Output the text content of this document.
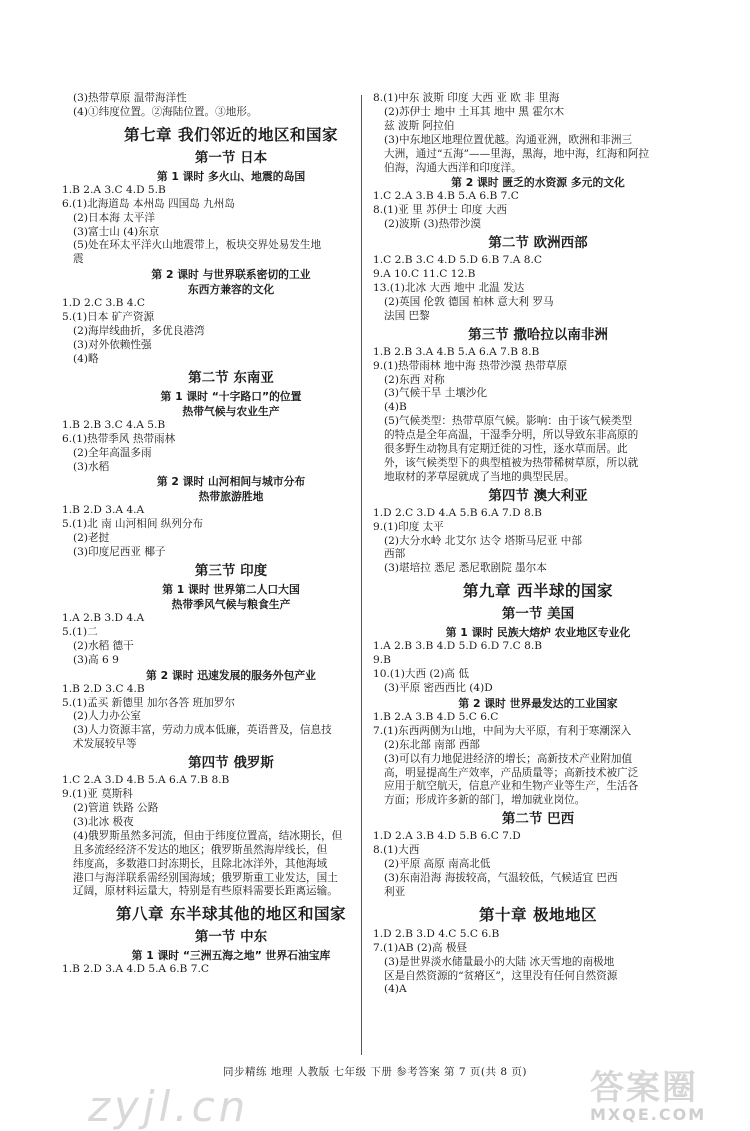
(3)热带草原 温带海洋性
(4)①纬度位置。②海陆位置。③地形。
第七章 我们邻近的地区和国家
第一节 日本
第 1 课时 多火山、地震的岛国
1.B 2.A 3.C 4.D 5.B
6.(1)北海道岛 本州岛 四国岛 九州岛
(2)日本海 太平洋
(3)富士山 (4)东京
(5)处在环太平洋火山地震带上，板块交界处易发生地
震
第 2 课时 与世界联系密切的工业
东西方兼容的文化
1.D 2.C 3.B 4.C
5.(1)日本 矿产资源
(2)海岸线曲折，多优良港湾
(3)对外依赖性强
(4)略
第二节 东南亚
第 1 课时 “十字路口”的位置
热带气候与农业生产
1.B 2.B 3.C 4.A 5.B
6.(1)热带季风 热带雨林
(2)全年高温多雨
(3)水稻
第 2 课时 山河相间与城市分布
热带旅游胜地
1.B 2.D 3.A 4.A
5.(1)北 南 山河相间 纵列分布
(2)老挝
(3)印度尼西亚 椰子
第三节 印度
第 1 课时 世界第二人口大国
热带季风气候与粮食生产
1.A 2.B 3.D 4.A
5.(1)二
(2)水稻 德干
(3)高 6 9
第 2 课时 迅速发展的服务外包产业
1.B 2.D 3.C 4.B
5.(1)孟买 新德里 加尔各答 班加罗尔
(2)人力办公室
(3)人力资源丰富，劳动力成本低廉，英语普及，信息技
术发展较早等
第四节 俄罗斯
1.C 2.A 3.D 4.B 5.A 6.A 7.B 8.B
9.(1)亚 莫斯科
(2)管道 铁路 公路
(3)北冰 极夜
(4)俄罗斯虽然多河流，但由于纬度位置高，结冰期长，但
且多流经经济不发达的地区；俄罗斯虽然海岸线长，但
纬度高，多数港口封冻期长，且除北冰洋外，其他海域
港口与海洋联系需经别国海域；俄罗斯重工业发达，国土
辽阔，原材料运量大，特别是有些原料需要长距离运输。
第八章 东半球其他的地区和国家
第一节 中东
第 1 课时 “三洲五海之地” 世界石油宝库
1.B 2.D 3.A 4.D 5.A 6.B 7.C
8.(1)中东 波斯 印度 大西 亚 欧 非 里海
(2)苏伊士 地中 土耳其 地中 黑 霍尔木
兹 波斯 阿拉伯
(3)中东地区地理位置优越。沟通亚洲，欧洲和非洲三
大洲，通过“五海”——里海，黑海，地中海，红海和阿拉
伯海，沟通大西洋和印度洋。
第 2 课时 匮乏的水资源 多元的文化
1.C 2.A 3.B 4.B 5.A 6.B 7.C
8.(1)亚 里 苏伊士 印度 大西
(2)波斯 (3)热带沙漠
第二节 欧洲西部
1.C 2.B 3.C 4.D 5.D 6.B 7.A 8.C
9.A 10.C 11.C 12.B
13.(1)北冰 大西 地中 北温 发达
(2)英国 伦敦 德国 柏林 意大利 罗马
法国 巴黎
第三节 撒哈拉以南非洲
1.B 2.B 3.A 4.B 5.A 6.A 7.B 8.B
9.(1)热带雨林 地中海 热带沙漠 热带草原
(2)东西 对称
(3)气候干旱 土壤沙化
(4)B
(5)气候类型：热带草原气候。影响：由于该气候类型
的特点是全年高温，干湿季分明，所以导致东非高原的
很多野生动物具有定期迁徙的习性，逐水草而居。此
外，该气候类型下的典型植被为热带稀树草原，所以就
地取材的茅草屋就成了当地的典型民居。
第四节 澳大利亚
1.D 2.C 3.D 4.A 5.B 6.A 7.D 8.B
9.(1)印度 太平
(2)大分水岭 北艾尔 达令 塔斯马尼亚 中部
西部
(3)堪培拉 悉尼 悉尼歌剧院 墨尔本
第九章 西半球的国家
第一节 美国
第 1 课时 民族大熔炉 农业地区专业化
1.A 2.B 3.B 4.D 5.D 6.D 7.C 8.B
9.B
10.(1)大西 (2)高 低
(3)平原 密西西比 (4)D
第 2 课时 世界最发达的工业国家
1.B 2.A 3.B 4.D 5.C 6.C
7.(1)东西两侧为山地，中间为大平原，有利于寒潮深入
(2)东北部 南部 西部
(3)可以有力地促进经济的增长；高新技术产业附加值
高，明显提高生产效率，产品质量等；高新技术被广泛
应用于航空航天，信息产业和生物产业等生产，生活各
方面；形成许多新的部门，增加就业岗位。
第二节 巴西
1.D 2.A 3.B 4.D 5.B 6.C 7.D
8.(1)大西
(2)平原 高原 南高北低
(3)东南沿海 海拔较高，气温较低，气候适宜 巴西
利亚
第十章 极地地区
1.D 2.B 3.D 4.C 5.C 6.B
7.(1)AB (2)高 极昼
(3)是世界淡水储量最小的大陆 冰天雪地的南极地
区是自然资源的“贫瘠区”，这里没有任何自然资源
(4)A
同步精练 地理 人教版 七年级 下册 参考答案 第 7 页(共 8 页)
zyjl.cn	答案圈
MXQE.COM
